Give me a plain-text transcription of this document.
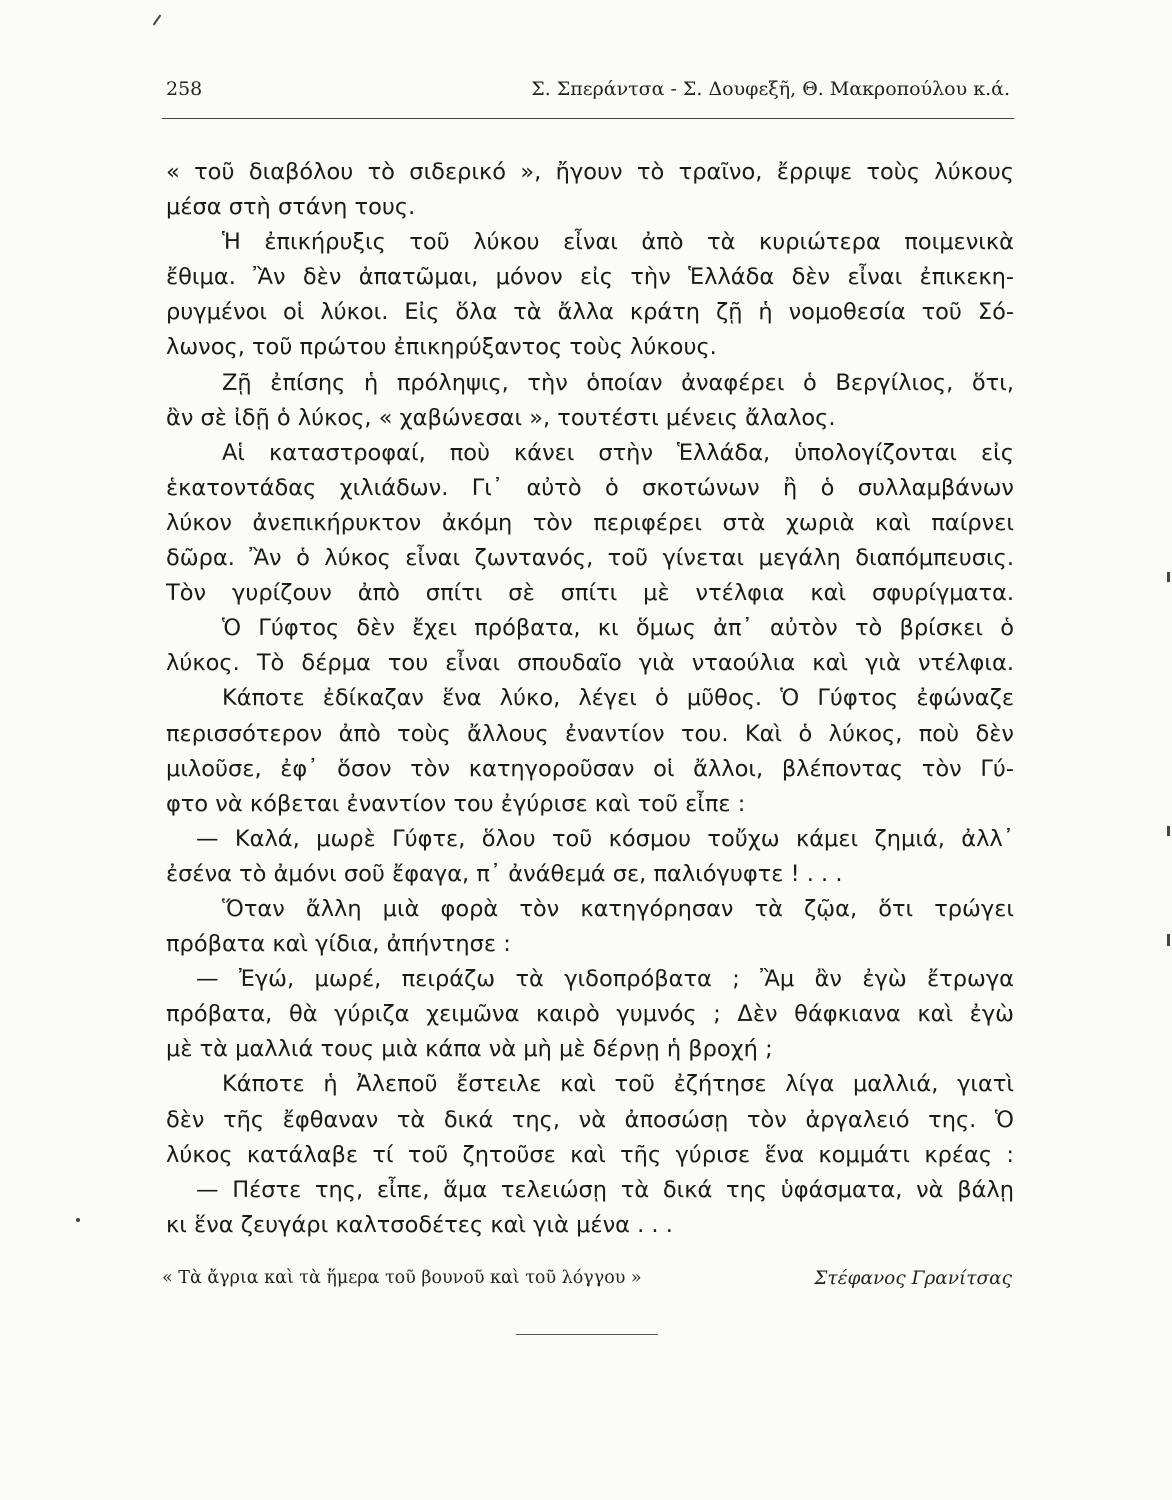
258	Σ. Σπεράντσα - Σ. Δουφεξῆ, Θ. Μακροπούλου κ.ά.
« τοῦ διαβόλου τὸ σιδερικό », ἤγουν τὸ τραῖνο, ἔρριψε τοὺς λύκους
μέσα στὴ στάνη τους.
Ἡ ἐπικήρυξις τοῦ λύκου εἶναι ἀπὸ τὰ κυριώτερα ποιμενικὰ
ἔθιμα. Ἂν δὲν ἀπατῶμαι, μόνον εἰς τὴν Ἑλλάδα δὲν εἶναι ἐπικεκη-
ρυγμένοι οἱ λύκοι. Εἰς ὅλα τὰ ἄλλα κράτη ζῇ ἡ νομοθεσία τοῦ Σό-
λωνος, τοῦ πρώτου ἐπικηρύξαντος τοὺς λύκους.
Ζῇ ἐπίσης ἡ πρόληψις, τὴν ὁποίαν ἀναφέρει ὁ Βεργίλιος, ὅτι,
ἂν σὲ ἰδῇ ὁ λύκος, « χαβώνεσαι », τουτέστι μένεις ἄλαλος.
Αἱ καταστροφαί, ποὺ κάνει στὴν Ἑλλάδα, ὑπολογίζονται εἰς
ἑκατοντάδας χιλιάδων. Γι᾽ αὐτὸ ὁ σκοτώνων ἢ ὁ συλλαμβάνων
λύκον ἀνεπικήρυκτον ἀκόμη τὸν περιφέρει στὰ χωριὰ καὶ παίρνει
δῶρα. Ἂν ὁ λύκος εἶναι ζωντανός, τοῦ γίνεται μεγάλη διαπόμπευσις.
Τὸν γυρίζουν ἀπὸ σπίτι σὲ σπίτι μὲ ντέλφια καὶ σφυρίγματα.
Ὁ Γύφτος δὲν ἔχει πρόβατα, κι ὅμως ἀπ᾽ αὐτὸν τὸ βρίσκει ὁ
λύκος. Τὸ δέρμα του εἶναι σπουδαῖο γιὰ νταούλια καὶ γιὰ ντέλφια.
Κάποτε ἐδίκαζαν ἕνα λύκο, λέγει ὁ μῦθος. Ὁ Γύφτος ἐφώναζε
περισσότερον ἀπὸ τοὺς ἄλλους ἐναντίον του. Καὶ ὁ λύκος, ποὺ δὲν
μιλοῦσε, ἐφ᾽ ὅσον τὸν κατηγοροῦσαν οἱ ἄλλοι, βλέποντας τὸν Γύ-
φτο νὰ κόβεται ἐναντίον του ἐγύρισε καὶ τοῦ εἶπε :
— Καλά, μωρὲ Γύφτε, ὅλου τοῦ κόσμου τοὔχω κάμει ζημιά, ἀλλ᾽
ἐσένα τὸ ἀμόνι σοῦ ἔφαγα, π᾽ ἀνάθεμά σε, παλιόγυφτε ! . . .
Ὅταν ἄλλη μιὰ φορὰ τὸν κατηγόρησαν τὰ ζῷα, ὅτι τρώγει
πρόβατα καὶ γίδια, ἀπήντησε :
— Ἐγώ, μωρέ, πειράζω τὰ γιδοπρόβατα ; Ἂμ ἂν ἐγὼ ἔτρωγα
πρόβατα, θὰ γύριζα χειμῶνα καιρὸ γυμνός ; Δὲν θάφκιανα καὶ ἐγὼ
μὲ τὰ μαλλιά τους μιὰ κάπα νὰ μὴ μὲ δέρνῃ ἡ βροχή ;
Κάποτε ἡ Ἀλεποῦ ἔστειλε καὶ τοῦ ἐζήτησε λίγα μαλλιά, γιατὶ
δὲν τῆς ἔφθαναν τὰ δικά της, νὰ ἀποσώσῃ τὸν ἀργαλειό της. Ὁ
λύκος κατάλαβε τί τοῦ ζητοῦσε καὶ τῆς γύρισε ἕνα κομμάτι κρέας :
— Πέστε της, εἶπε, ἅμα τελειώσῃ τὰ δικά της ὑφάσματα, νὰ βάλῃ
κι ἕνα ζευγάρι καλτσοδέτες καὶ γιὰ μένα . . .
« Τὰ ἄγρια καὶ τὰ ἥμερα τοῦ βουνοῦ καὶ τοῦ λόγγου »	Στέφανος Γρανίτσας
